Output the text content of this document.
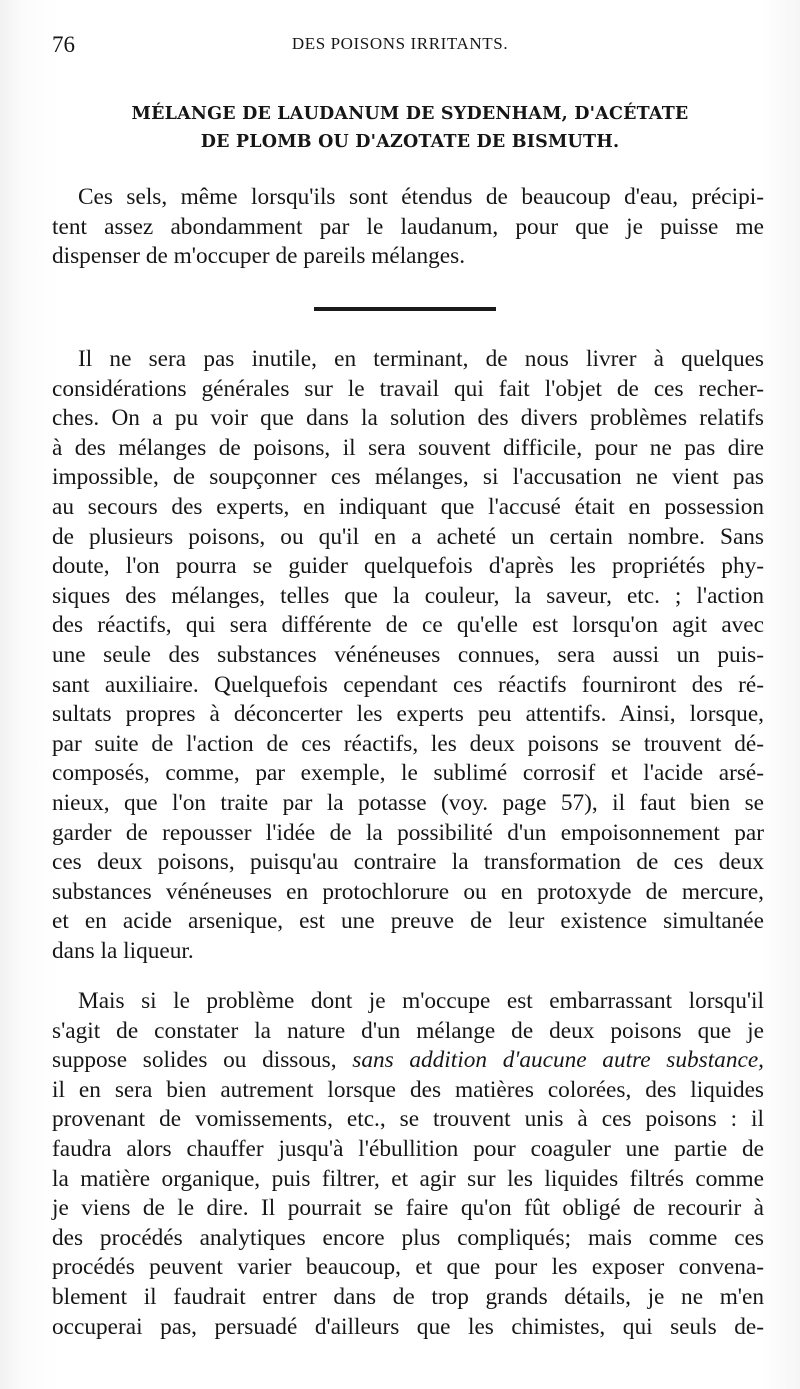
76	DES POISONS IRRITANTS.
MÉLANGE DE LAUDANUM DE SYDENHAM, D'ACÉTATE
DE PLOMB OU D'AZOTATE DE BISMUTH.
Ces sels, même lorsqu'ils sont étendus de beaucoup d'eau, précipi-
tent assez abondamment par le laudanum, pour que je puisse me
dispenser de m'occuper de pareils mélanges.
Il ne sera pas inutile, en terminant, de nous livrer à quelques
considérations générales sur le travail qui fait l'objet de ces recher-
ches. On a pu voir que dans la solution des divers problèmes relatifs
à des mélanges de poisons, il sera souvent difficile, pour ne pas dire
impossible, de soupçonner ces mélanges, si l'accusation ne vient pas
au secours des experts, en indiquant que l'accusé était en possession
de plusieurs poisons, ou qu'il en a acheté un certain nombre. Sans
doute, l'on pourra se guider quelquefois d'après les propriétés phy-
siques des mélanges, telles que la couleur, la saveur, etc. ; l'action
des réactifs, qui sera différente de ce qu'elle est lorsqu'on agit avec
une seule des substances vénéneuses connues, sera aussi un puis-
sant auxiliaire. Quelquefois cependant ces réactifs fourniront des ré-
sultats propres à déconcerter les experts peu attentifs. Ainsi, lorsque,
par suite de l'action de ces réactifs, les deux poisons se trouvent dé-
composés, comme, par exemple, le sublimé corrosif et l'acide arsé-
nieux, que l'on traite par la potasse (voy. page 57), il faut bien se
garder de repousser l'idée de la possibilité d'un empoisonnement par
ces deux poisons, puisqu'au contraire la transformation de ces deux
substances vénéneuses en protochlorure ou en protoxyde de mercure,
et en acide arsenique, est une preuve de leur existence simultanée
dans la liqueur.
Mais si le problème dont je m'occupe est embarrassant lorsqu'il
s'agit de constater la nature d'un mélange de deux poisons que je
suppose solides ou dissous, sans addition d'aucune autre substance,
il en sera bien autrement lorsque des matières colorées, des liquides
provenant de vomissements, etc., se trouvent unis à ces poisons : il
faudra alors chauffer jusqu'à l'ébullition pour coaguler une partie de
la matière organique, puis filtrer, et agir sur les liquides filtrés comme
je viens de le dire. Il pourrait se faire qu'on fût obligé de recourir à
des procédés analytiques encore plus compliqués; mais comme ces
procédés peuvent varier beaucoup, et que pour les exposer convena-
blement il faudrait entrer dans de trop grands détails, je ne m'en
occuperai pas, persuadé d'ailleurs que les chimistes, qui seuls de-
